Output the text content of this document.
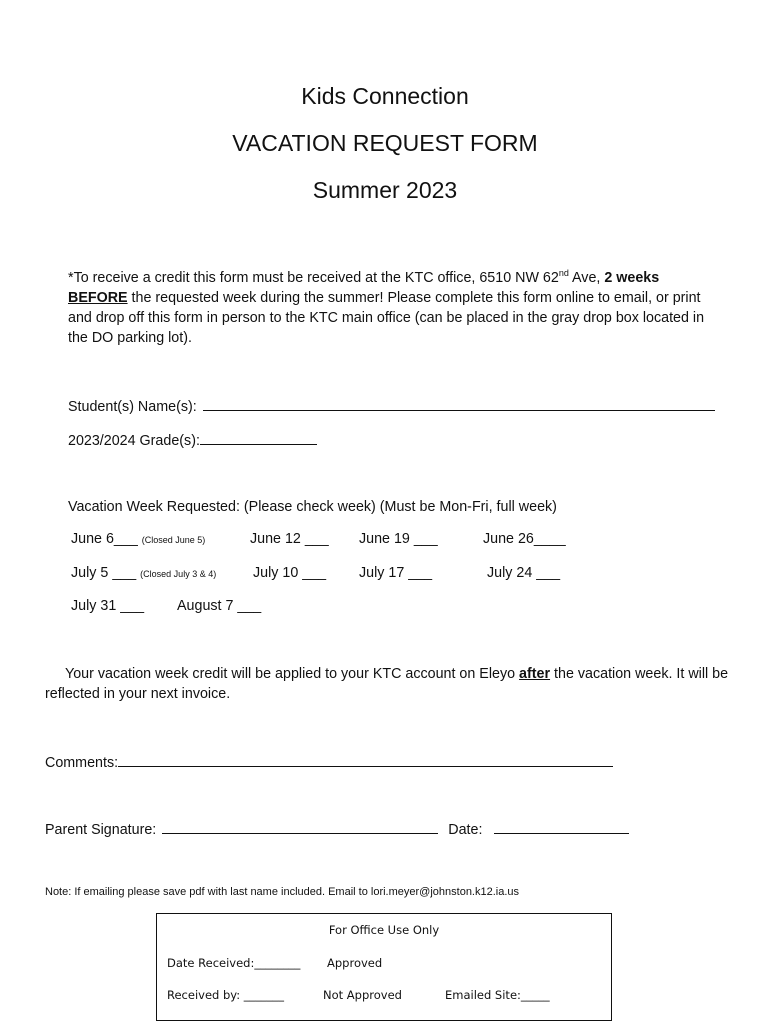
Kids Connection
VACATION REQUEST FORM
Summer 2023
*To receive a credit this form must be received at the KTC office, 6510 NW 62nd Ave, 2 weeks BEFORE the requested week during the summer! Please complete this form online to email, or print and drop off this form in person to the KTC main office (can be placed in the gray drop box located in the DO parking lot).
Student(s) Name(s):
2023/2024 Grade(s):
Vacation Week Requested: (Please check week) (Must be Mon-Fri, full week)
June 6___ (Closed June 5)	June 12 ___ June 19 ___	June 26____
July 5 ___ (Closed July 3 & 4)	July 10 ___ July 17 ___	July 24 ___
July 31 ___ August 7 ___
Your vacation week credit will be applied to your KTC account on Eleyo after the vacation week. It will be reflected in your next invoice.
Comments:
Parent Signature:	Date:
Note: If emailing please save pdf with last name included. Email to lori.meyer@johnston.k12.ia.us
For Office Use Only
Date Received:________ Approved
Received by: _______	Not Approved	Emailed Site:_____
